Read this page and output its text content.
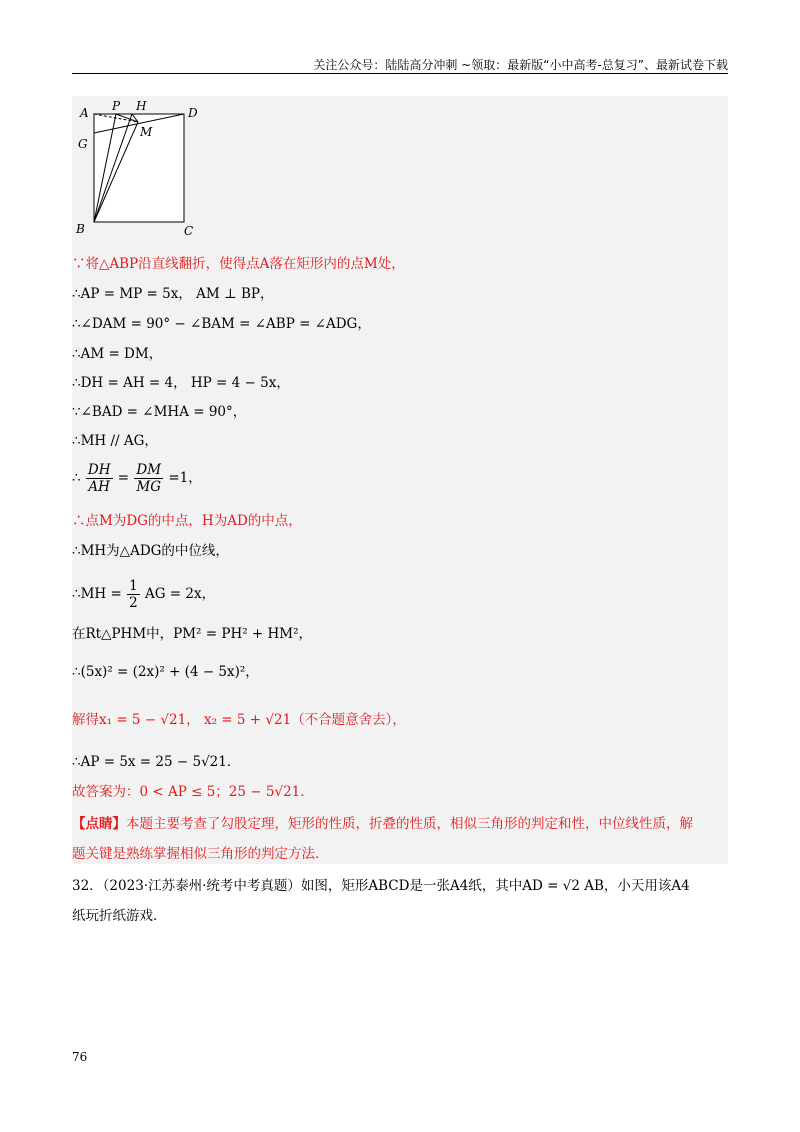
关注公众号：陆陆高分冲刺 ~领取：最新版“小中高考-总复习”、最新试卷下载
A P H	D
G
M
B	C
∵将△ABP沿直线翻折，使得点A落在矩形内的点M处，
∴AP = MP = 5x， AM ⊥ BP，
∴∠DAM = 90° − ∠BAM = ∠ABP = ∠ADG，
∴AM = DM，
∴DH = AH = 4， HP = 4 − 5x，
∵∠BAD = ∠MHA = 90°，
∴MH // AG，
∴ $\frac{DH}{AH} = \frac{DM}{MG} =1$，
∴点M为DG的中点，H为AD的中点，
∴MH为△ADG的中位线，
∴MH = $\frac{1}{2}$ AG = 2x，
在Rt△PHM中，PM² = PH² + HM²，
∴(5x)² = (2x)² + (4 − 5x)²，
解得x₁ = 5 − √21， x₂ = 5 + √21（不合题意舍去），
∴AP = 5x = 25 − 5√21．
故答案为：0 < AP ≤ 5；25 − 5√21．
【点睛】本题主要考查了勾股定理，矩形的性质，折叠的性质，相似三角形的判定和性，中位线性质，解
题关键是熟练掌握相似三角形的判定方法．
32．（2023·江苏泰州·统考中考真题）如图，矩形ABCD是一张A4纸，其中AD = √2 AB，小天用该A4
纸玩折纸游戏．
76
